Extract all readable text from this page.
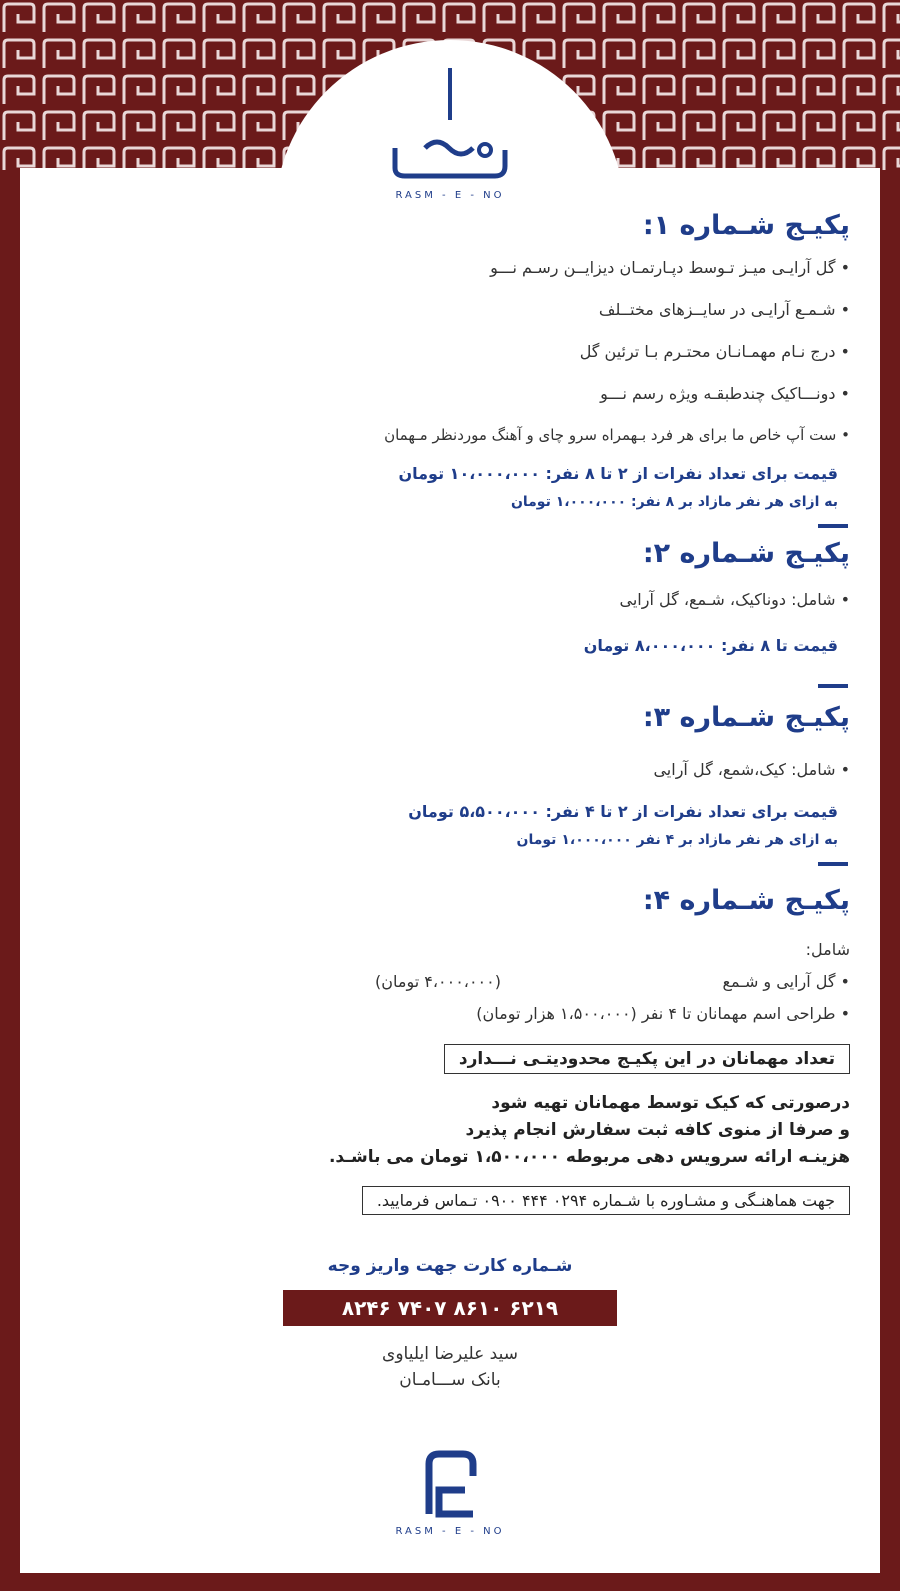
RASM - E - NO
پکیـج شـماره ۱:
• گل آرایـی میـز تـوسط دپـارتمـان دیزایــن رسـم نـــو
• شـمـع آرایـی در سایــزهای مختــلف
• درج نـام مهمـانـان محتـرم بـا ترئین گل
• دونـــاکیک چندطبقـه ویژه رسم نـــو
• ست آپ خاص ما برای هر فرد بـهمراه سرو چای و آهنگ موردنظر مـهمان
قیمت برای تعداد نفرات از ۲ تا ۸ نفر: ۱۰،۰۰۰،۰۰۰ تومان
به ازای هر نفر مازاد بر ۸ نفر: ۱،۰۰۰،۰۰۰ تومان
پکیـج شـماره ۲:
• شامل: دوناکیک، شـمع، گل آرایی
قیمت تا ۸ نفر: ۸،۰۰۰،۰۰۰ تومان
پکیـج شـماره ۳:
• شامل: کیک،شمع، گل آرایی
قیمت برای تعداد نفرات از ۲ تا ۴ نفر: ۵،۵۰۰،۰۰۰ تومان
به ازای هر نفر مازاد بر ۴ نفر ۱،۰۰۰،۰۰۰ تومان
پکیـج شـماره ۴:
شامل:
• گل آرایی و شـمع
(۴،۰۰۰،۰۰۰ تومان)
• طراحی اسم مهمانان تا ۴ نفر (۱،۵۰۰،۰۰۰ هزار تومان)
تعداد مهمانان در این پکیـج محدودیتـی نـــدارد
درصورتی که کیک توسط مهمانان تهیه شود
و صرفا از منوی کافه ثبت سفارش انجام پذیرد
هزینـه ارائه سرویس دهی مربوطه ۱،۵۰۰،۰۰۰ تومان می باشـد.
جهت هماهنـگی و مشـاوره با شـماره ۰۲۹۴ ۴۴۴ ۰۹۰۰ تـماس فرمایید.
شـماره کارت جهت واریز وجه
۶۲۱۹ ۸۶۱۰ ۷۴۰۷ ۸۲۴۶
سید علیرضا ایلیاوی
بانک ســـامـان
RASM - E - NO
